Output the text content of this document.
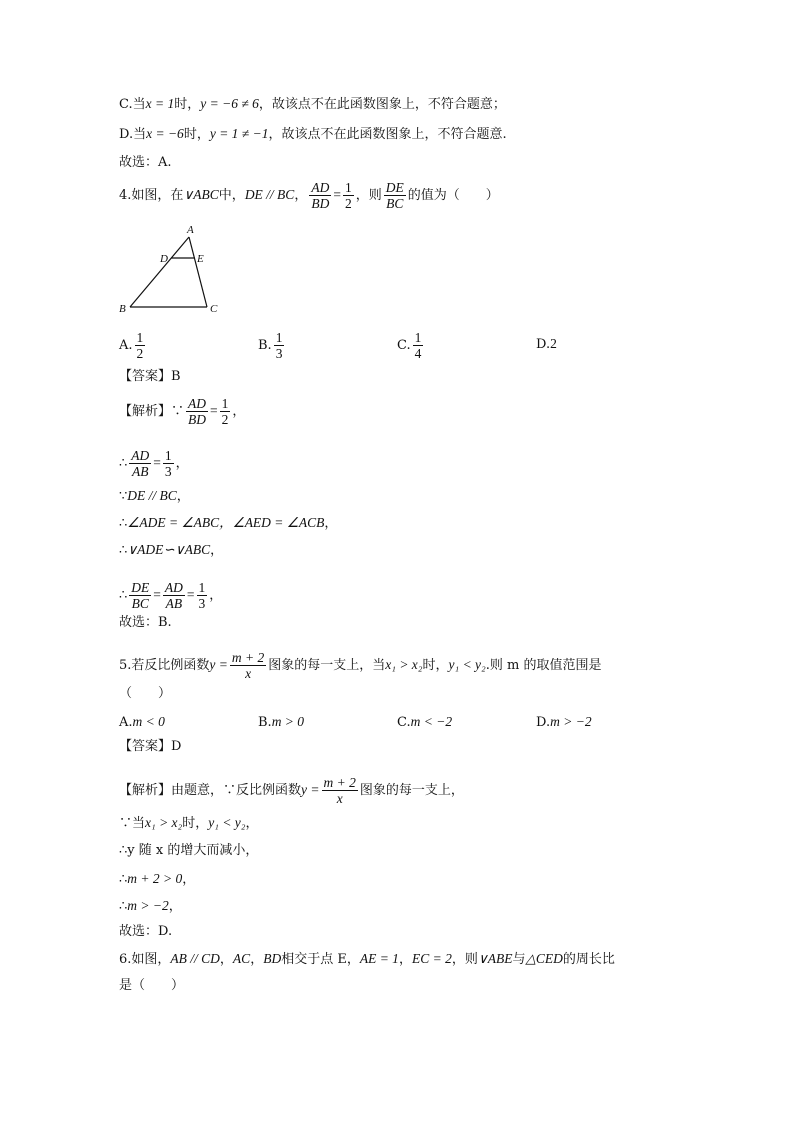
C.当x = 1时，y = −6 ≠ 6，故该点不在此函数图象上，不符合题意；
D.当x = −6时，y = 1 ≠ −1，故该点不在此函数图象上，不符合题意.
故选：A.
4.如图，在∨ABC中，DE // BC， $\frac{AD}{BD} = \frac{1}{2}$ ，则 $\frac{DE}{BC}$ 的值为（　　）
A
D	E
B	C
A. $\frac{1}{2}$	B. $\frac{1}{3}$	C. $\frac{1}{4}$	D.2
【答案】B
【解析】∵ $\frac{AD}{BD} = \frac{1}{2}$ ，
∴ $\frac{AD}{AB} = \frac{1}{3}$ ，
∵DE // BC，
∴∠ADE = ∠ABC，∠AED = ∠ACB，
∴∨ADE∽∨ABC，
∴ $\frac{DE}{BC} = \frac{AD}{AB} = \frac{1}{3}$ ，
故选：B.
5.若反比例函数$y = \frac{m + 2}{x}$ 图象的每一支上，当x₁ > x₂时，y₁ < y₂.则 m 的取值范围是
（　　）
A.m < 0	B.m > 0	C.m < −2	D.m > −2
【答案】D
【解析】由题意，∵反比例函数$y = \frac{m + 2}{x}$ 图象的每一支上，
∵当x₁ > x₂时，y₁ < y₂，
∴y 随 x 的增大而减小，
∴m + 2 > 0，
∴m > −2，
故选：D.
6.如图，AB // CD，AC，BD相交于点 E，AE = 1，EC = 2，则∨ABE与△CED的周长比
是（　　）
